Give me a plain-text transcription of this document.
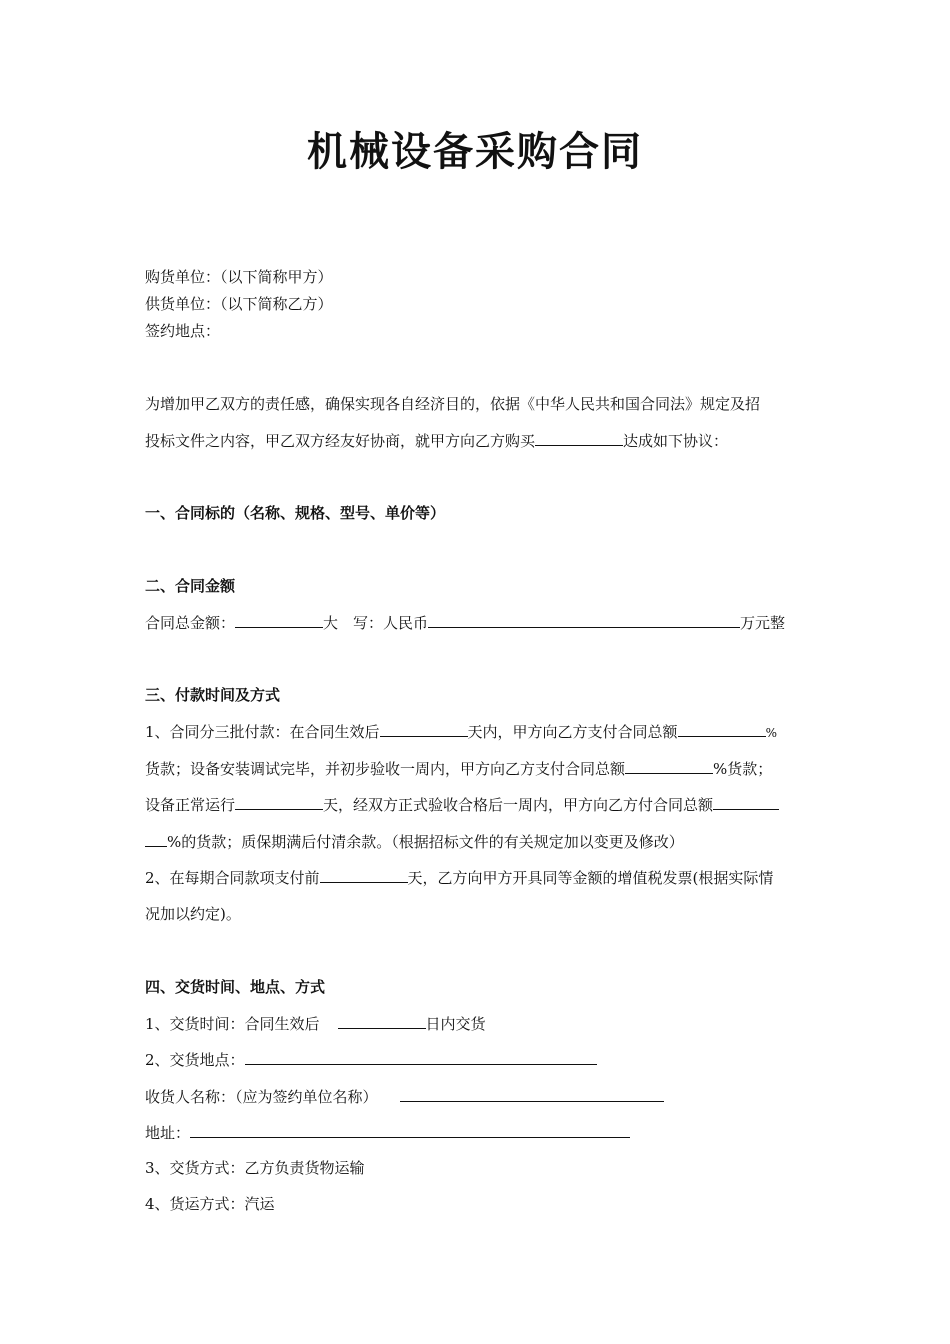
机械设备采购合同
购货单位：（以下简称甲方）
供货单位：（以下简称乙方）
签约地点：
为增加甲乙双方的责任感，确保实现各自经济目的，依据《中华人民共和国合同法》规定及招
投标文件之内容，甲乙双方经友好协商，就甲方向乙方购买	达成如下协议：
一、合同标的（名称、规格、型号、单价等）
二、合同金额
合同总金额：	大　写：人民币	万元整
三、付款时间及方式
1、合同分三批付款：在合同生效后	天内，甲方向乙方支付合同总额	%
货款；设备安装调试完毕，并初步验收一周内，甲方向乙方支付合同总额	%货款；
设备正常运行	天，经双方正式验收合格后一周内，甲方向乙方付合同总额
%的货款；质保期满后付清余款。（根据招标文件的有关规定加以变更及修改）
2、在每期合同款项支付前	天，乙方向甲方开具同等金额的增值税发票(根据实际情
况加以约定)。
四、交货时间、地点、方式
1、交货时间：合同生效后	日内交货
2、交货地点：
收货人名称：（应为签约单位名称）
地址：
3、交货方式：乙方负责货物运输
4、货运方式：汽运
